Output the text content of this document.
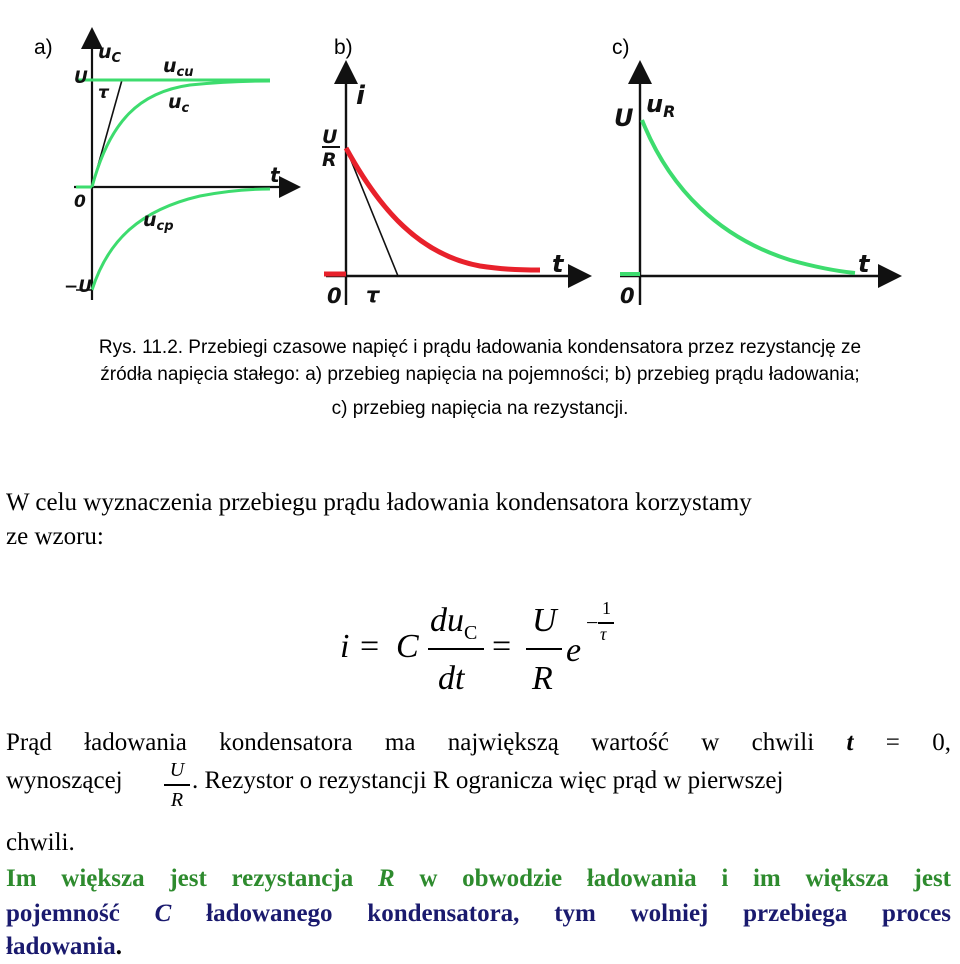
a)	b)	c)
$u_C$
U
τ
$u_{cu}$
$u_c$
0
$u_{cp}$
−U
t
i
U
R
0 τ
t
U $u_R$
0
t
Rys. 11.2. Przebiegi czasowe napięć i prądu ładowania kondensatora przez rezystancję ze
źródła napięcia stałego: a) przebieg napięcia na pojemności; b) przebieg prądu ładowania;
c) przebieg napięcia na rezystancji.
W celu wyznaczenia przebiegu prądu ładowania kondensatora korzystamy
ze wzoru:
i = C
$du_C$
dt
=
U
R
e
−
1
τ
Prąd ładowania kondensatora ma największą wartość w chwili t = 0,
wynoszącej	U
R
. Rezystor o rezystancji R ogranicza więc prąd w pierwszej
chwili.
Im większa jest rezystancja R w obwodzie ładowania i im większa jest
pojemność C ładowanego kondensatora, tym wolniej przebiega proces
ładowania.
